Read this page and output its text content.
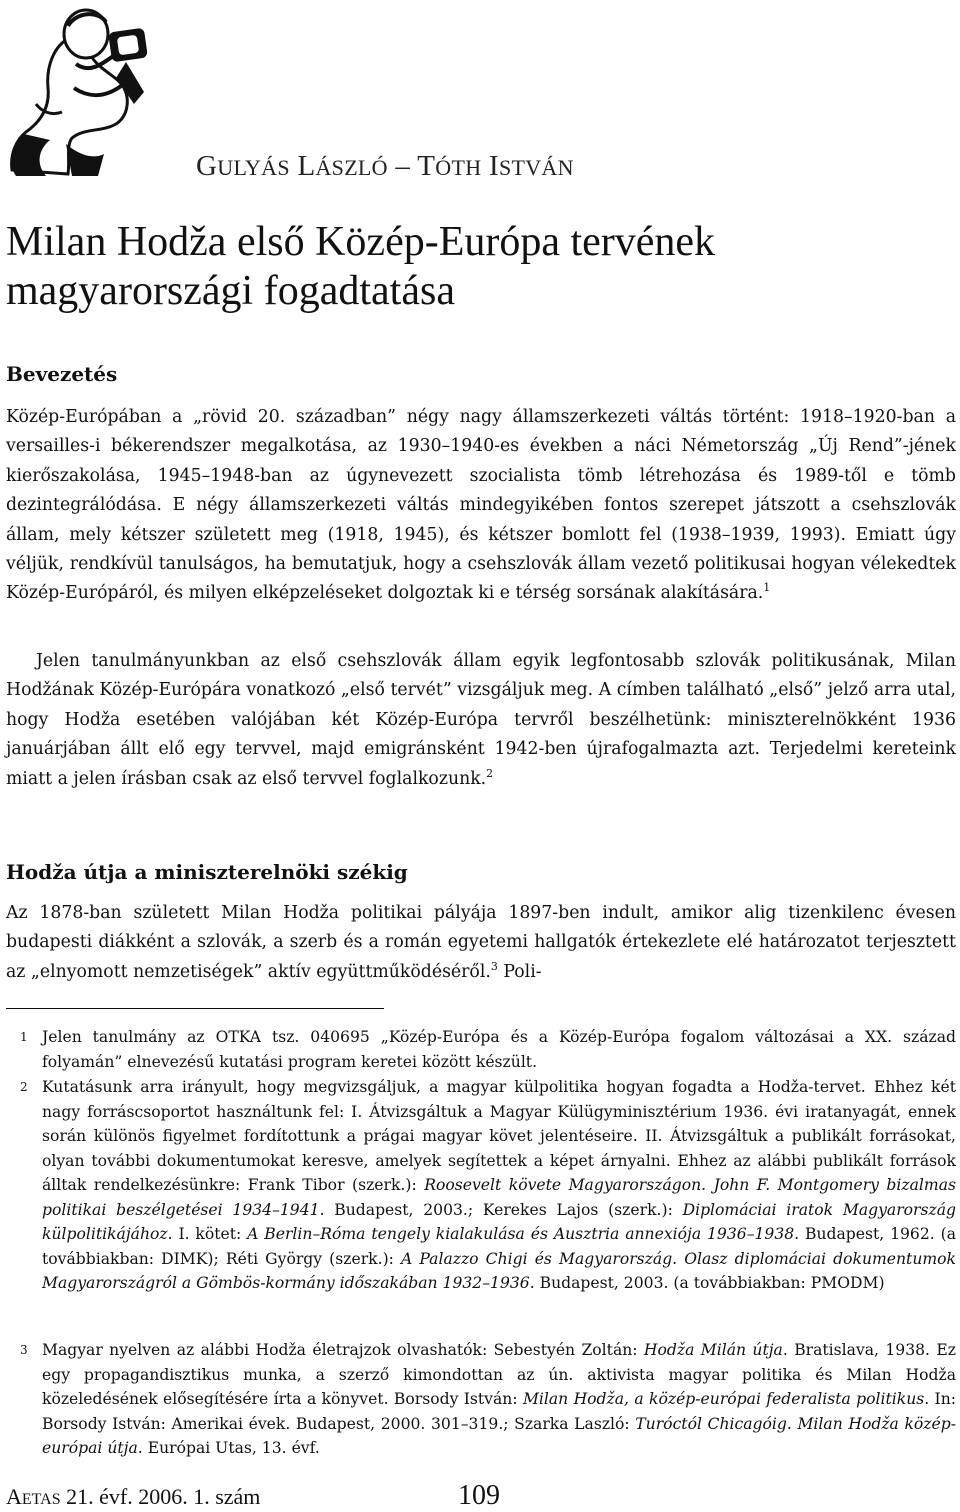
GULYÁS LÁSZLÓ – TÓTH ISTVÁN
Milan Hodža első Közép-Európa tervének
magyarországi fogadtatása
Bevezetés
Közép-Európában a „rövid 20. században” négy nagy államszerkezeti váltás történt: 1918–1920-ban a versailles-i békerendszer megalkotása, az 1930–1940-es években a náci Németország „Új Rend”-jének kierőszakolása, 1945–1948-ban az úgynevezett szocialista tömb létrehozása és 1989-től e tömb dezintegrálódása. E négy államszerkezeti váltás mindegyikében fontos szerepet játszott a csehszlovák állam, mely kétszer született meg (1918, 1945), és kétszer bomlott fel (1938–1939, 1993). Emiatt úgy véljük, rendkívül tanulságos, ha bemutatjuk, hogy a csehszlovák állam vezető politikusai hogyan vélekedtek Közép-Európáról, és milyen elképzeléseket dolgoztak ki e térség sorsának alakítására.$^1$
Jelen tanulmányunkban az első csehszlovák állam egyik legfontosabb szlovák politikusának, Milan Hodžának Közép-Európára vonatkozó „első tervét” vizsgáljuk meg. A címben található „első” jelző arra utal, hogy Hodža esetében valójában két Közép-Európa tervről beszélhetünk: miniszterelnökként 1936 januárjában állt elő egy tervvel, majd emigránsként 1942-ben újrafogalmazta azt. Terjedelmi kereteink miatt a jelen írásban csak az első tervvel foglalkozunk.$^2$
Hodža útja a miniszterelnöki székig
Az 1878-ban született Milan Hodža politikai pályája 1897-ben indult, amikor alig tizenkilenc évesen budapesti diákként a szlovák, a szerb és a román egyetemi hallgatók értekezlete elé határozatot terjesztett az „elnyomott nemzetiségek” aktív együttműködéséről.$^3$ Poli-
1 Jelen tanulmány az OTKA tsz. 040695 „Közép-Európa és a Közép-Európa fogalom változásai a XX. század folyamán” elnevezésű kutatási program keretei között készült.
2 Kutatásunk arra irányult, hogy megvizsgáljuk, a magyar külpolitika hogyan fogadta a Hodža-tervet. Ehhez két nagy forráscsoportot használtunk fel: I. Átvizsgáltuk a Magyar Külügyminisztérium 1936. évi iratanyagát, ennek során különös figyelmet fordítottunk a prágai magyar követ jelentéseire. II. Átvizsgáltuk a publikált forrásokat, olyan további dokumentumokat keresve, amelyek segítettek a képet árnyalni. Ehhez az alábbi publikált források álltak rendelkezésünkre: Frank Tibor (szerk.): Roosevelt követe Magyarországon. John F. Montgomery bizalmas politikai beszélgetései 1934–1941. Budapest, 2003.; Kerekes Lajos (szerk.): Diplomáciai iratok Magyarország külpolitikájához. I. kötet: A Berlin–Róma tengely kialakulása és Ausztria annexiója 1936–1938. Budapest, 1962. (a továbbiakban: DIMK); Réti György (szerk.): A Palazzo Chigi és Magyarország. Olasz diplomáciai dokumentumok Magyarországról a Gömbös-kormány időszakában 1932–1936. Budapest, 2003. (a továbbiakban: PMODM)
3 Magyar nyelven az alábbi Hodža életrajzok olvashatók: Sebestyén Zoltán: Hodža Milán útja. Bratislava, 1938. Ez egy propagandisztikus munka, a szerző kimondottan az ún. aktivista magyar politika és Milan Hodža közeledésének elősegítésére írta a könyvet. Borsody István: Milan Hodža, a közép-európai federalista politikus. In: Borsody István: Amerikai évek. Budapest, 2000. 301–319.; Szarka Laszló: Turóctól Chicagóig. Milan Hodža közép-európai útja. Európai Utas, 13. évf.
AETAS 21. évf. 2006. 1. szám	109
